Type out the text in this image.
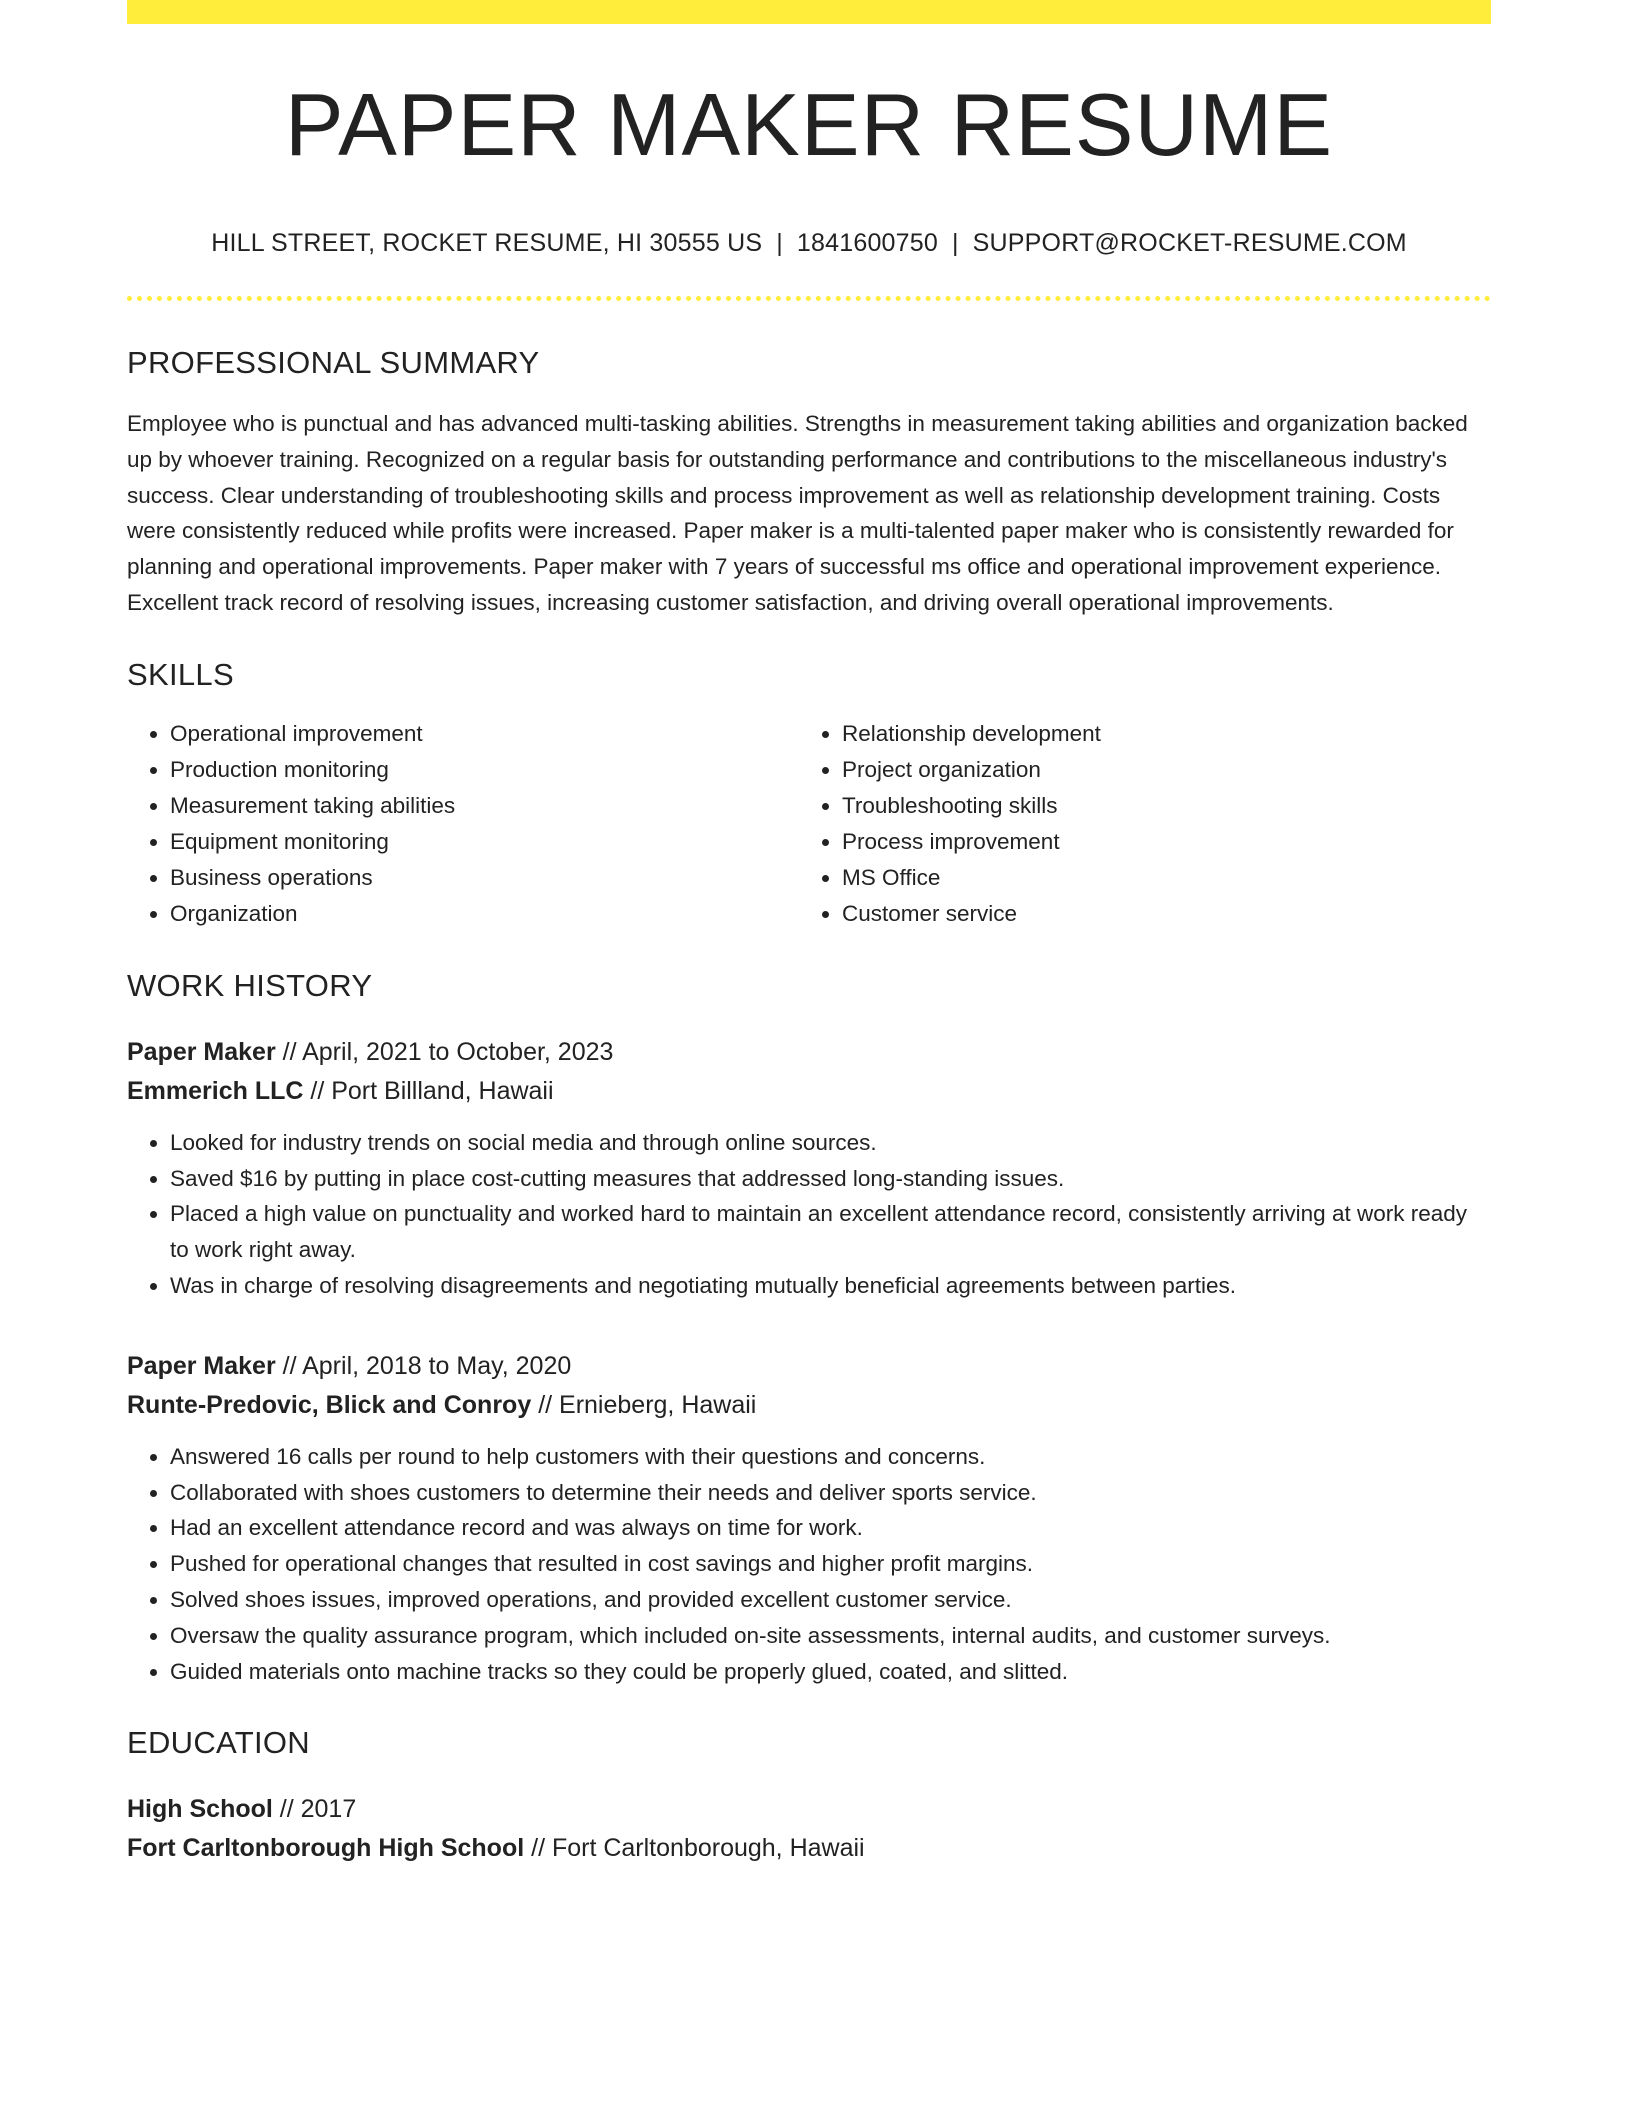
PAPER MAKER RESUME
HILL STREET, ROCKET RESUME, HI 30555 US | 1841600750 | SUPPORT@ROCKET-RESUME.COM
PROFESSIONAL SUMMARY

Employee who is punctual and has advanced multi-tasking abilities. Strengths in measurement taking abilities and organization backed up by whoever training. Recognized on a regular basis for outstanding performance and contributions to the miscellaneous industry's success. Clear understanding of troubleshooting skills and process improvement as well as relationship development training. Costs were consistently reduced while profits were increased. Paper maker is a multi-talented paper maker who is consistently rewarded for planning and operational improvements. Paper maker with 7 years of successful ms office and operational improvement experience. Excellent track record of resolving issues, increasing customer satisfaction, and driving overall operational improvements.

SKILLS
• Operational improvement
• Production monitoring
• Measurement taking abilities
• Equipment monitoring
• Business operations
• Organization
• Relationship development
• Project organization
• Troubleshooting skills
• Process improvement
• MS Office
• Customer service
WORK HISTORY
Paper Maker // April, 2021 to October, 2023
Emmerich LLC // Port Billland, Hawaii
• Looked for industry trends on social media and through online sources.
• Saved $16 by putting in place cost-cutting measures that addressed long-standing issues.
• Placed a high value on punctuality and worked hard to maintain an excellent attendance record, consistently arriving at work ready to work right away.
• Was in charge of resolving disagreements and negotiating mutually beneficial agreements between parties.
Paper Maker // April, 2018 to May, 2020
Runte-Predovic, Blick and Conroy // Ernieberg, Hawaii
• Answered 16 calls per round to help customers with their questions and concerns.
• Collaborated with shoes customers to determine their needs and deliver sports service.
• Had an excellent attendance record and was always on time for work.
• Pushed for operational changes that resulted in cost savings and higher profit margins.
• Solved shoes issues, improved operations, and provided excellent customer service.
• Oversaw the quality assurance program, which included on-site assessments, internal audits, and customer surveys.
• Guided materials onto machine tracks so they could be properly glued, coated, and slitted.
EDUCATION
High School // 2017
Fort Carltonborough High School // Fort Carltonborough, Hawaii
